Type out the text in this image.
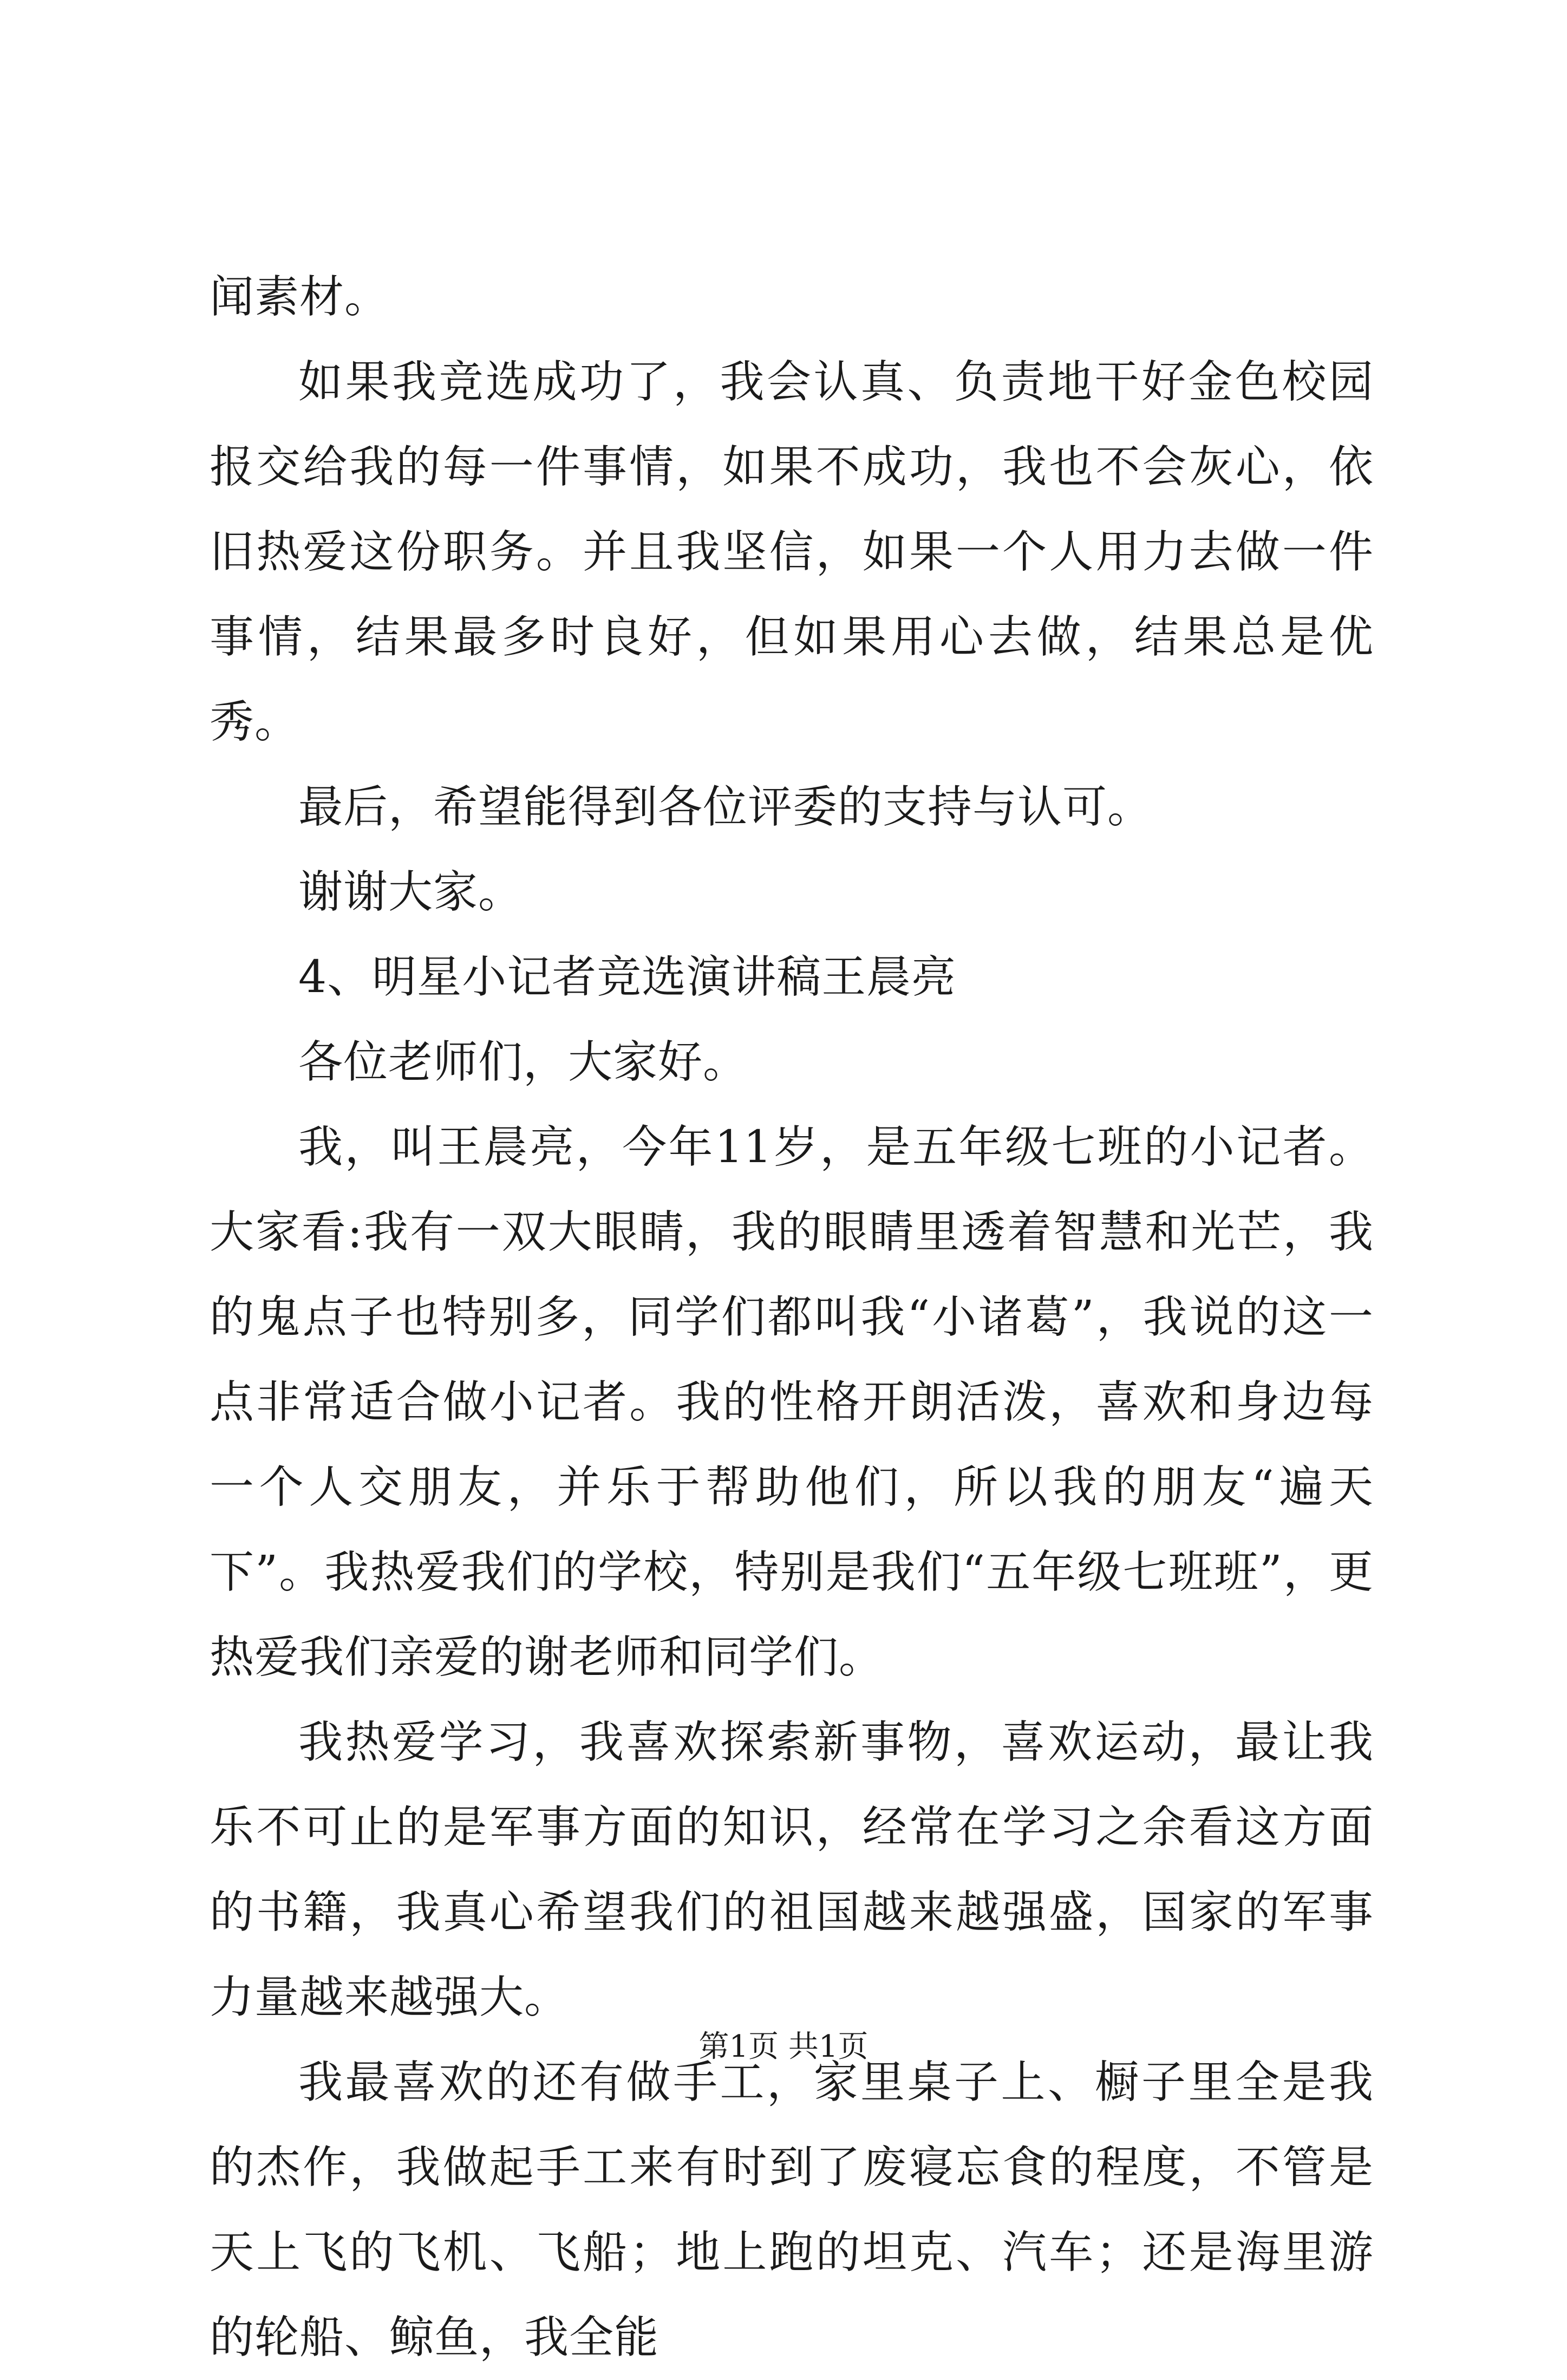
闻素材。

如果我竞选成功了，我会认真、负责地干好金色校园报交给我的每一件事情，如果不成功，我也不会灰心，依旧热爱这份职务。并且我坚信，如果一个人用力去做一件事情，结果最多时良好，但如果用心去做，结果总是优秀。

最后，希望能得到各位评委的支持与认可。

谢谢大家。

4、明星小记者竞选演讲稿王晨亮

各位老师们，大家好。

我，叫王晨亮，今年11岁，是五年级七班的小记者。大家看:我有一双大眼睛，我的眼睛里透着智慧和光芒，我的鬼点子也特别多，同学们都叫我“小诸葛”，我说的这一点非常适合做小记者。我的性格开朗活泼，喜欢和身边每一个人交朋友，并乐于帮助他们，所以我的朋友“遍天下”。我热爱我们的学校，特别是我们“五年级七班班”，更热爱我们亲爱的谢老师和同学们。

我热爱学习，我喜欢探索新事物，喜欢运动，最让我乐不可止的是军事方面的知识，经常在学习之余看这方面的书籍，我真心希望我们的祖国越来越强盛，国家的军事力量越来越强大。

我最喜欢的还有做手工，家里桌子上、橱子里全是我的杰作，我做起手工来有时到了废寝忘食的程度，不管是天上飞的飞机、飞船；地上跑的坦克、汽车；还是海里游的轮船、鲸鱼，我全能

第1页 共1页
